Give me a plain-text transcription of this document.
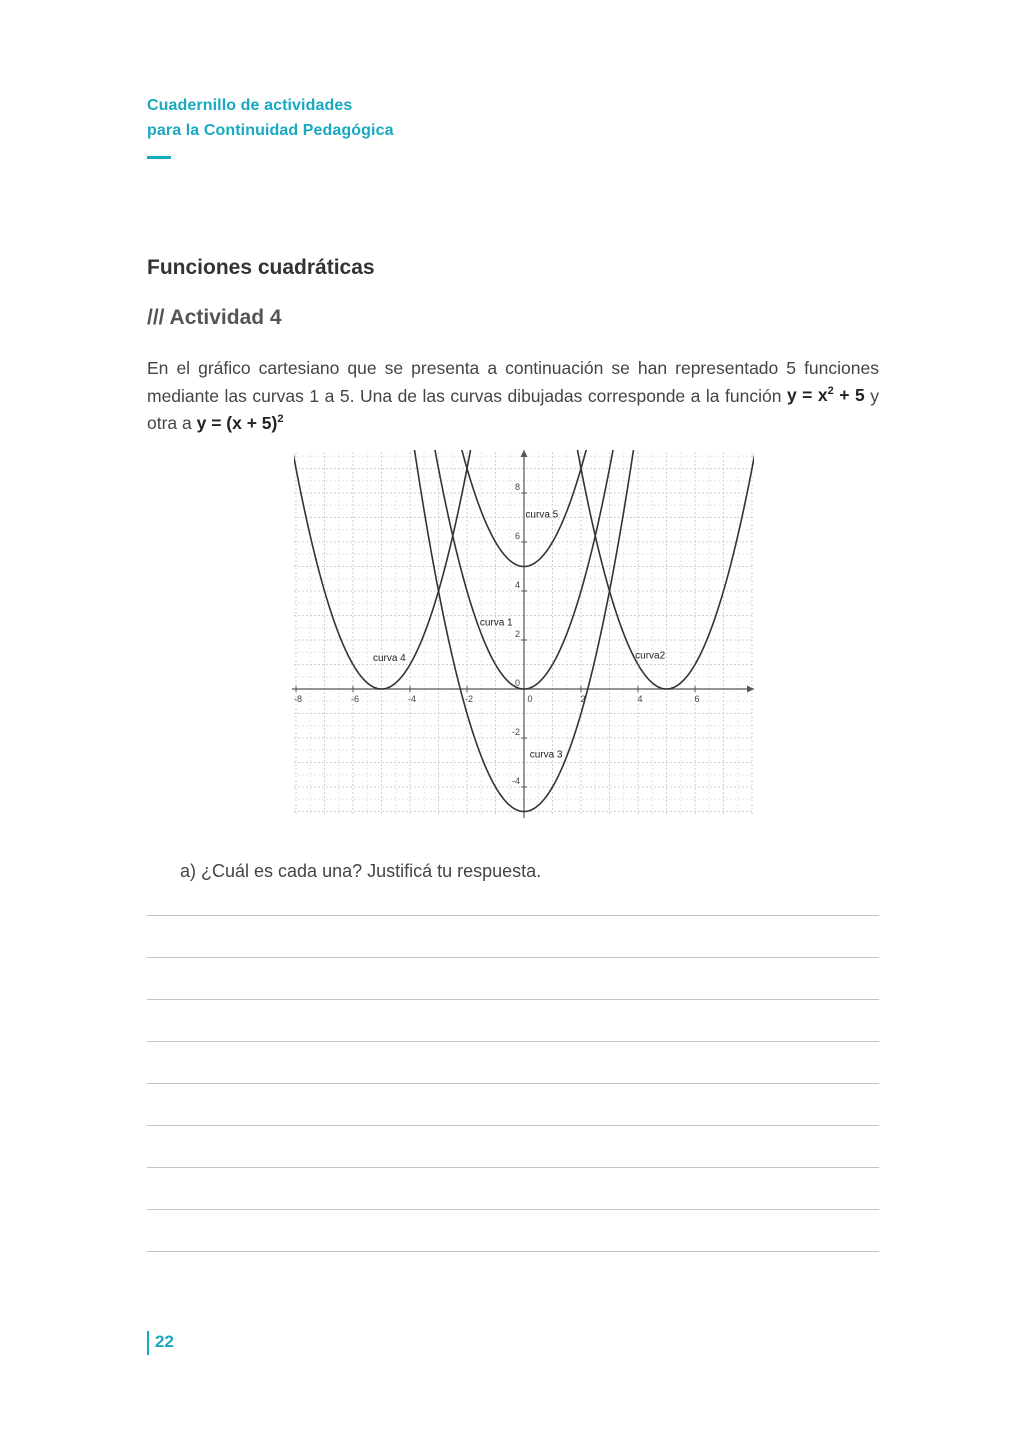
Cuadernillo de actividades
para la Continuidad Pedagógica
Funciones cuadráticas
/// Actividad 4

En el gráfico cartesiano que se presenta a continuación se han representado 5 funciones mediante las curvas 1 a 5. Una de las curvas dibujadas corresponde a la función $y = x^2 + 5$ y otra a $y = (x + 5)^2$

-8	-6	-4	-2	0	2	4	6
-4
-2
2
4
6
8
0
curva 1
curva2
curva 3
curva 4
curva 5

a) ¿Cuál es cada una? Justificá tu respuesta.

22
